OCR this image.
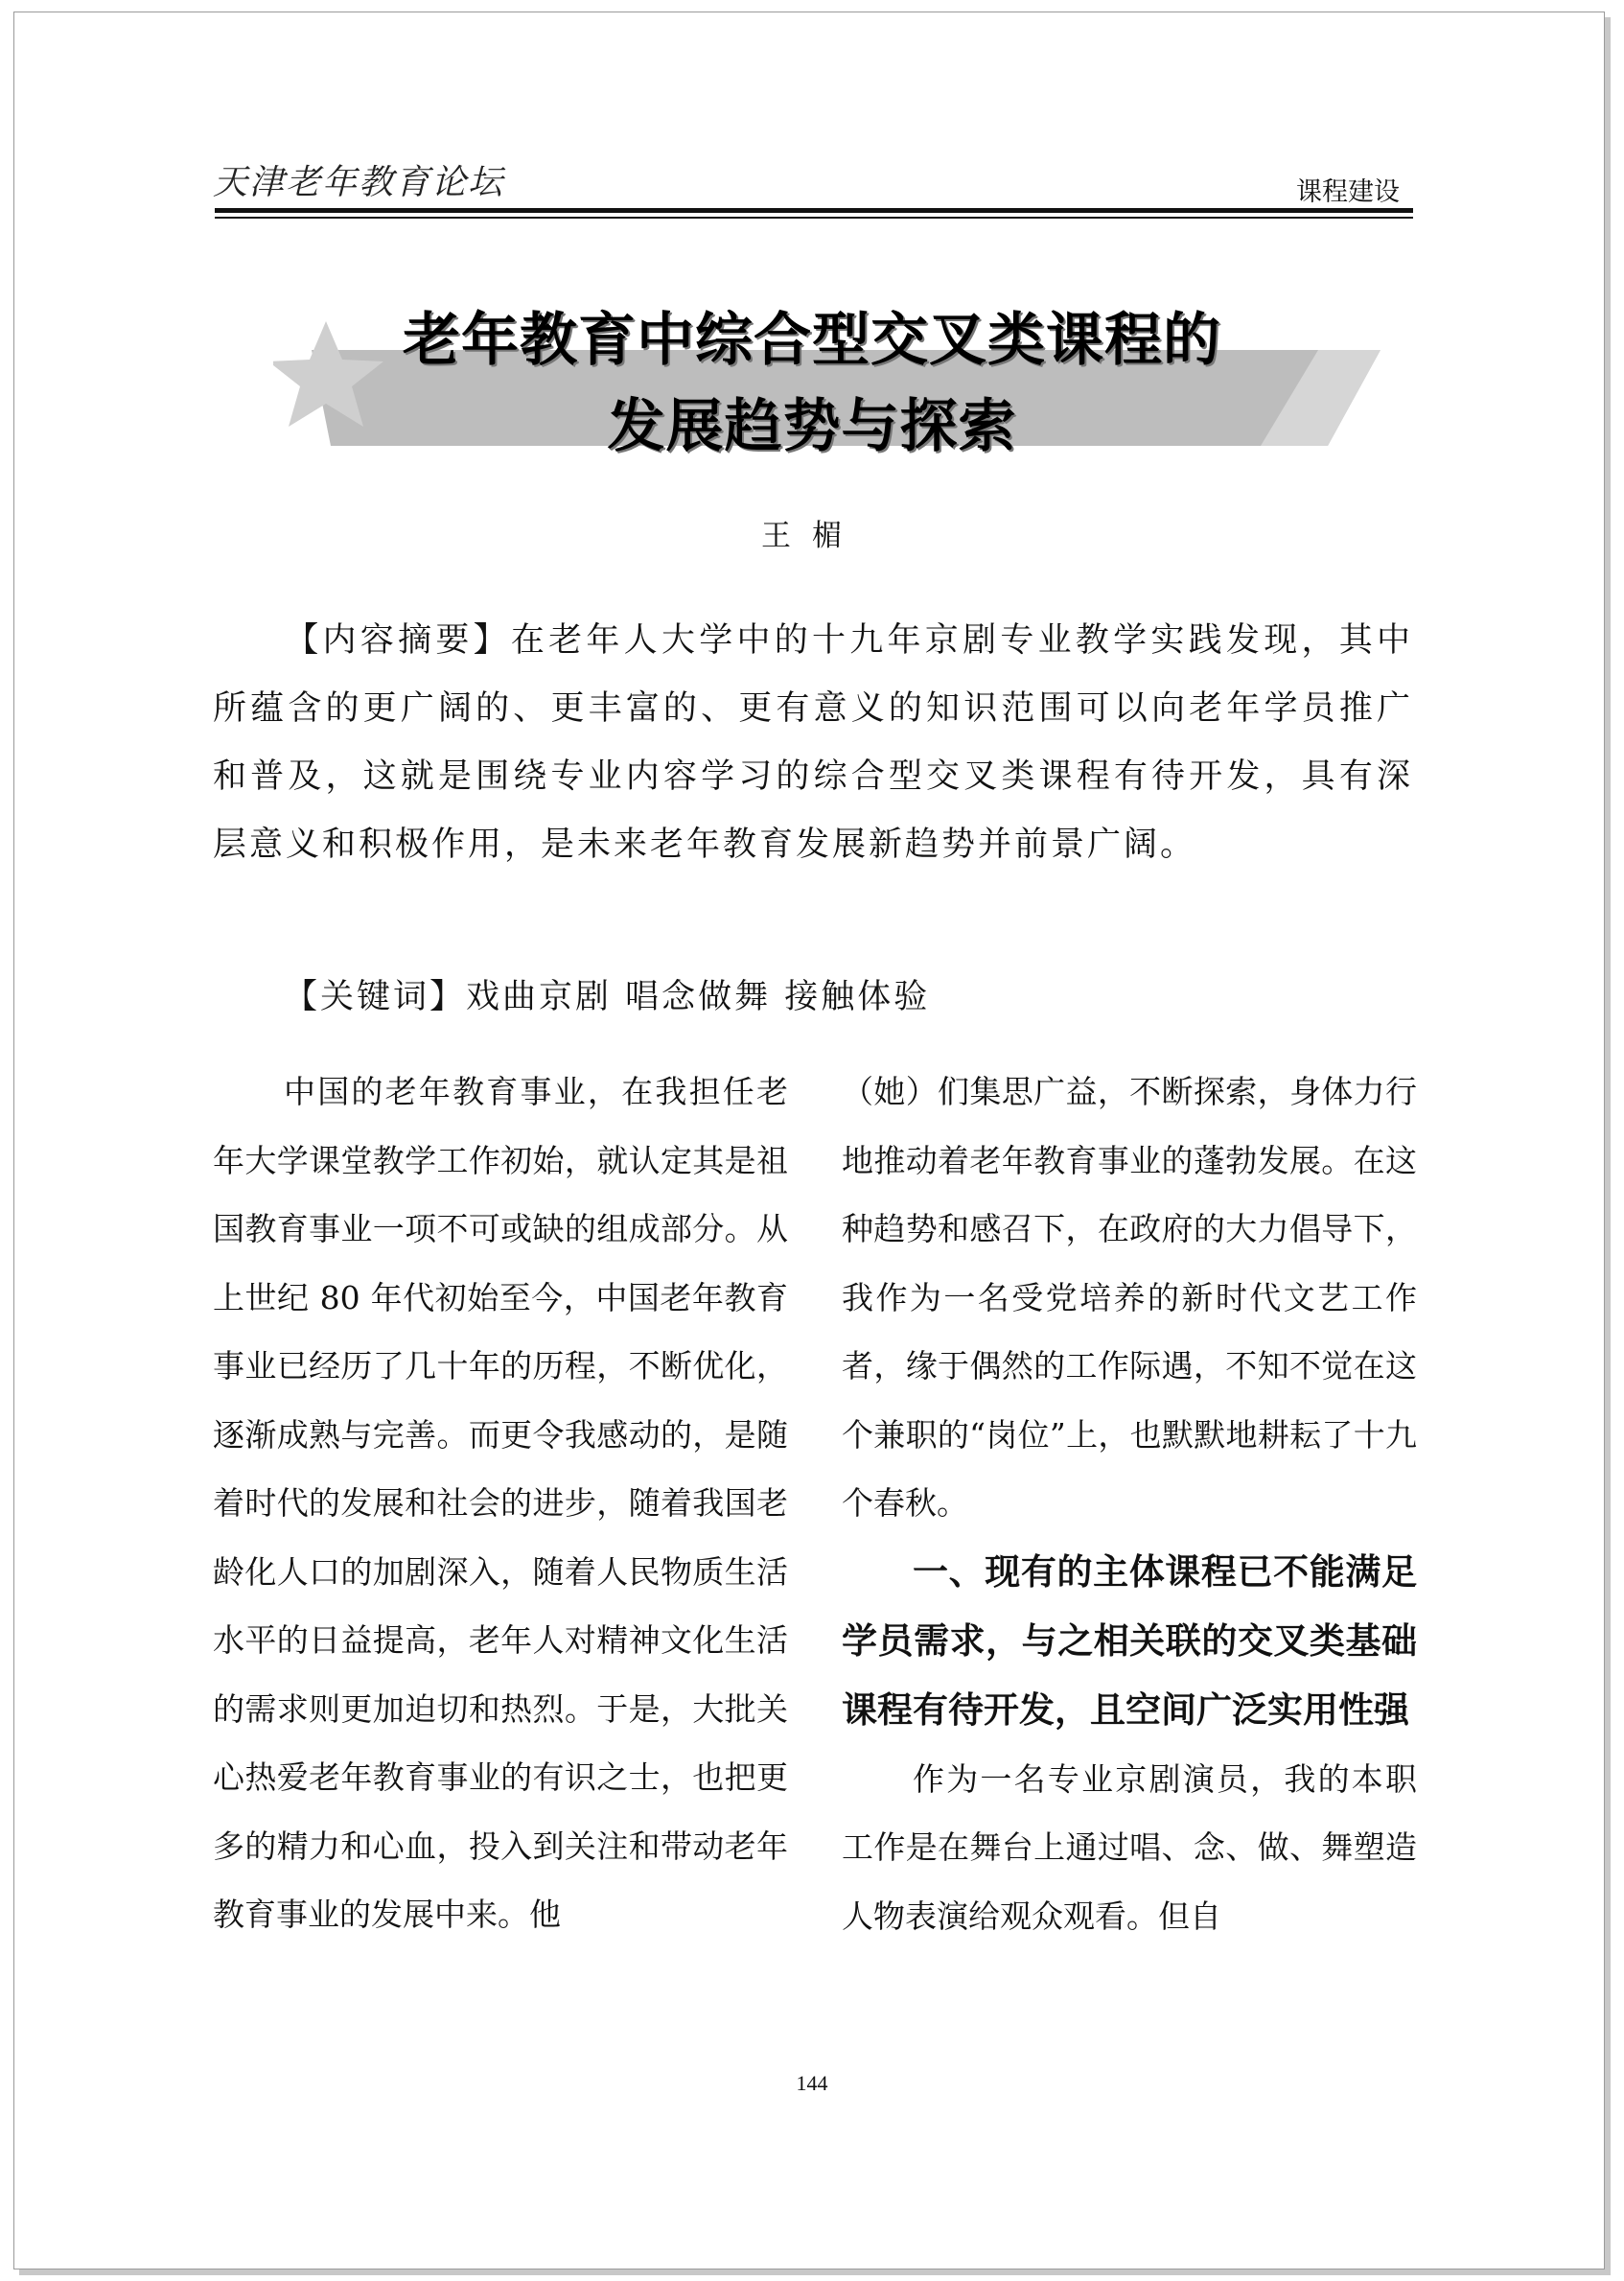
天津老年教育论坛	课程建设
老年教育中综合型交叉类课程的
发展趋势与探索
王楣
【内容摘要】在老年人大学中的十九年京剧专业教学实践发现，其中所蕴含的更广阔的、更丰富的、更有意义的知识范围可以向老年学员推广和普及，这就是围绕专业内容学习的综合型交叉类课程有待开发，具有深层意义和积极作用，是未来老年教育发展新趋势并前景广阔。
【关键词】戏曲京剧 唱念做舞 接触体验

中国的老年教育事业，在我担任老年大学课堂教学工作初始，就认定其是祖国教育事业一项不可或缺的组成部分。从上世纪 80 年代初始至今，中国老年教育事业已经历了几十年的历程，不断优化，逐渐成熟与完善。而更令我感动的，是随着时代的发展和社会的进步，随着我国老龄化人口的加剧深入，随着人民物质生活水平的日益提高，老年人对精神文化生活的需求则更加迫切和热烈。于是，大批关心热爱老年教育事业的有识之士，也把更多的精力和心血，投入到关注和带动老年教育事业的发展中来。他

（她）们集思广益，不断探索，身体力行地推动着老年教育事业的蓬勃发展。在这种趋势和感召下，在政府的大力倡导下，我作为一名受党培养的新时代文艺工作者，缘于偶然的工作际遇，不知不觉在这个兼职的“岗位”上，也默默地耕耘了十九个春秋。

一、现有的主体课程已不能满足学员需求，与之相关联的交叉类基础课程有待开发，且空间广泛实用性强

作为一名专业京剧演员，我的本职工作是在舞台上通过唱、念、做、舞塑造人物表演给观众观看。但自

144
